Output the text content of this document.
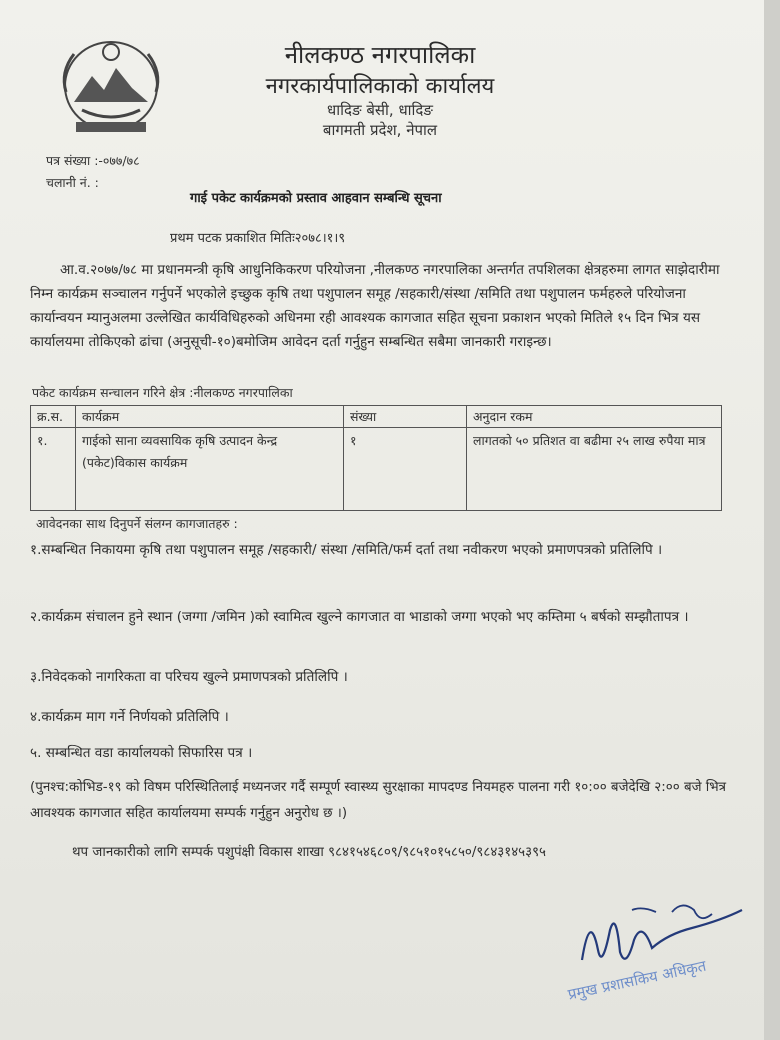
नीलकण्ठ नगरपालिका
नगरकार्यपालिकाको कार्यालय
धादिङ बेसी, धादिङ
बागमती प्रदेश, नेपाल
पत्र संख्या :-०७७/७८
चलानी नं. :
गाई पकेट कार्यक्रमको प्रस्ताव आहवान सम्बन्धि सूचना
प्रथम पटक प्रकाशित मितिः२०७८।१।९
आ.व.२०७७/७८ मा प्रधानमन्त्री कृषि आधुनिकिकरण परियोजना ,नीलकण्ठ नगरपालिका अन्तर्गत तपशिलका क्षेत्रहरुमा लागत साझेदारीमा निम्न कार्यक्रम सञ्चालन गर्नुपर्ने भएकोले इच्छुक कृषि तथा पशुपालन समूह /सहकारी/संस्था /समिति तथा पशुपालन फर्महरुले परियोजना कार्यान्वयन म्यानुअलमा उल्लेखित कार्यविधिहरुको अधिनमा रही आवश्यक कागजात सहित सूचना प्रकाशन भएको मितिले १५ दिन भित्र यस कार्यालयमा तोकिएको ढांचा (अनुसूची-१०)बमोजिम आवेदन दर्ता गर्नुहुन सम्बन्धित सबैमा जानकारी गराइन्छ।
पकेट कार्यक्रम सन्चालन गरिने क्षेत्र :नीलकण्ठ नगरपालिका
क्र.स.	कार्यक्रम	संख्या	अनुदान रकम
१.	गाईको साना व्यवसायिक कृषि उत्पादन केन्द्र (पकेट)विकास कार्यक्रम	१	लागतको ५० प्रतिशत वा बढीमा २५ लाख रुपैया मात्र
आवेदनका साथ दिनुपर्ने संलग्न कागजातहरु :
१.सम्बन्धित निकायमा कृषि तथा पशुपालन समूह /सहकारी/ संस्था /समिति/फर्म दर्ता तथा नवीकरण भएको प्रमाणपत्रको प्रतिलिपि ।
२.कार्यक्रम संचालन हुने स्थान (जग्गा /जमिन )को स्वामित्व खुल्ने कागजात वा भाडाको जग्गा भएको भए कम्तिमा ५ बर्षको सम्झौतापत्र ।
३.निवेदकको नागरिकता वा परिचय खुल्ने प्रमाणपत्रको प्रतिलिपि ।
४.कार्यक्रम माग गर्ने निर्णयको प्रतिलिपि ।
५. सम्बन्धित वडा कार्यालयको सिफारिस पत्र ।
(पुनश्च:कोभिड-१९ को विषम परिस्थितिलाई मध्यनजर गर्दै सम्पूर्ण स्वास्थ्य सुरक्षाका मापदण्ड नियमहरु पालना गरी १०:०० बजेदेखि २:०० बजे भित्र आवश्यक कागजात सहित कार्यालयमा सम्पर्क गर्नुहुन अनुरोध छ ।)
थप जानकारीको लागि सम्पर्क पशुपंक्षी विकास शाखा ९८४१५४६८०९/९८५१०१५८५०/९८४३१४५३९५
प्रमुख प्रशासकिय अधिकृत
